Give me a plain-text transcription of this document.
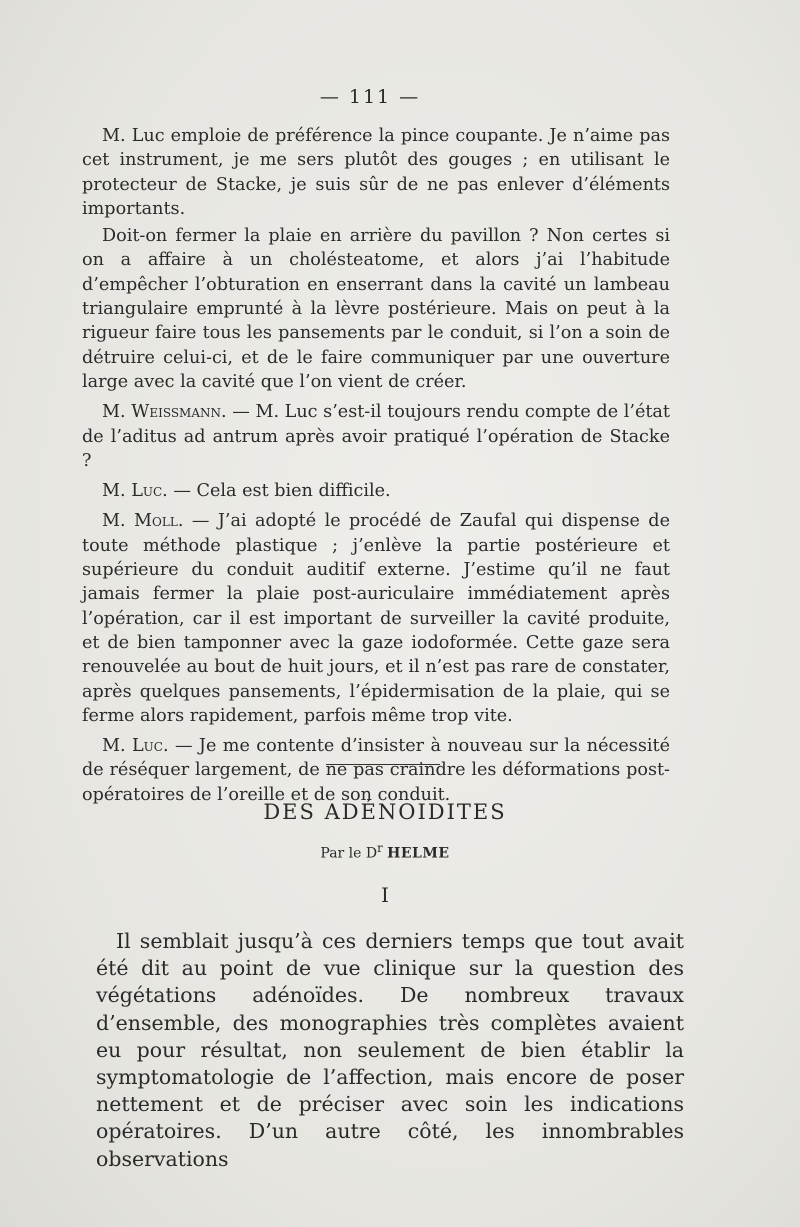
— 111 —

M. Luc emploie de préférence la pince coupante. Je n’aime pas cet instrument, je me sers plutôt des gouges ; en utilisant le protecteur de Stacke, je suis sûr de ne pas enlever d’éléments importants.

Doit-on fermer la plaie en arrière du pavillon ? Non certes si on a affaire à un cholésteatome, et alors j’ai l’habitude d’empêcher l’obturation en enserrant dans la cavité un lambeau triangulaire emprunté à la lèvre postérieure. Mais on peut à la rigueur faire tous les pansements par le conduit, si l’on a soin de détruire celui-ci, et de le faire communiquer par une ouverture large avec la cavité que l’on vient de créer.

M. Weissmann. — M. Luc s’est-il toujours rendu compte de l’état de l’aditus ad antrum après avoir pratiqué l’opération de Stacke ?

M. Luc. — Cela est bien difficile.

M. Moll. — J’ai adopté le procédé de Zaufal qui dispense de toute méthode plastique ; j’enlève la partie postérieure et supérieure du conduit auditif externe. J’estime qu’il ne faut jamais fermer la plaie post-auriculaire immédiatement après l’opération, car il est important de surveiller la cavité produite, et de bien tamponner avec la gaze iodoformée. Cette gaze sera renouvelée au bout de huit jours, et il n’est pas rare de constater, après quelques pansements, l’épidermisation de la plaie, qui se ferme alors rapidement, parfois même trop vite.

M. Luc. — Je me contente d’insister à nouveau sur la nécessité de réséquer largement, de ne pas craindre les déformations post-opératoires de l’oreille et de son conduit.

DES ADÉNOIDITES
Par le $D^r$ HELME
I

Il semblait jusqu’à ces derniers temps que tout avait été dit au point de vue clinique sur la question des végétations adénoïdes. De nombreux travaux d’ensemble, des monographies très complètes avaient eu pour résultat, non seulement de bien établir la symptomatologie de l’affection, mais encore de poser nettement et de préciser avec soin les indications opératoires. D’un autre côté, les innombrables observations
